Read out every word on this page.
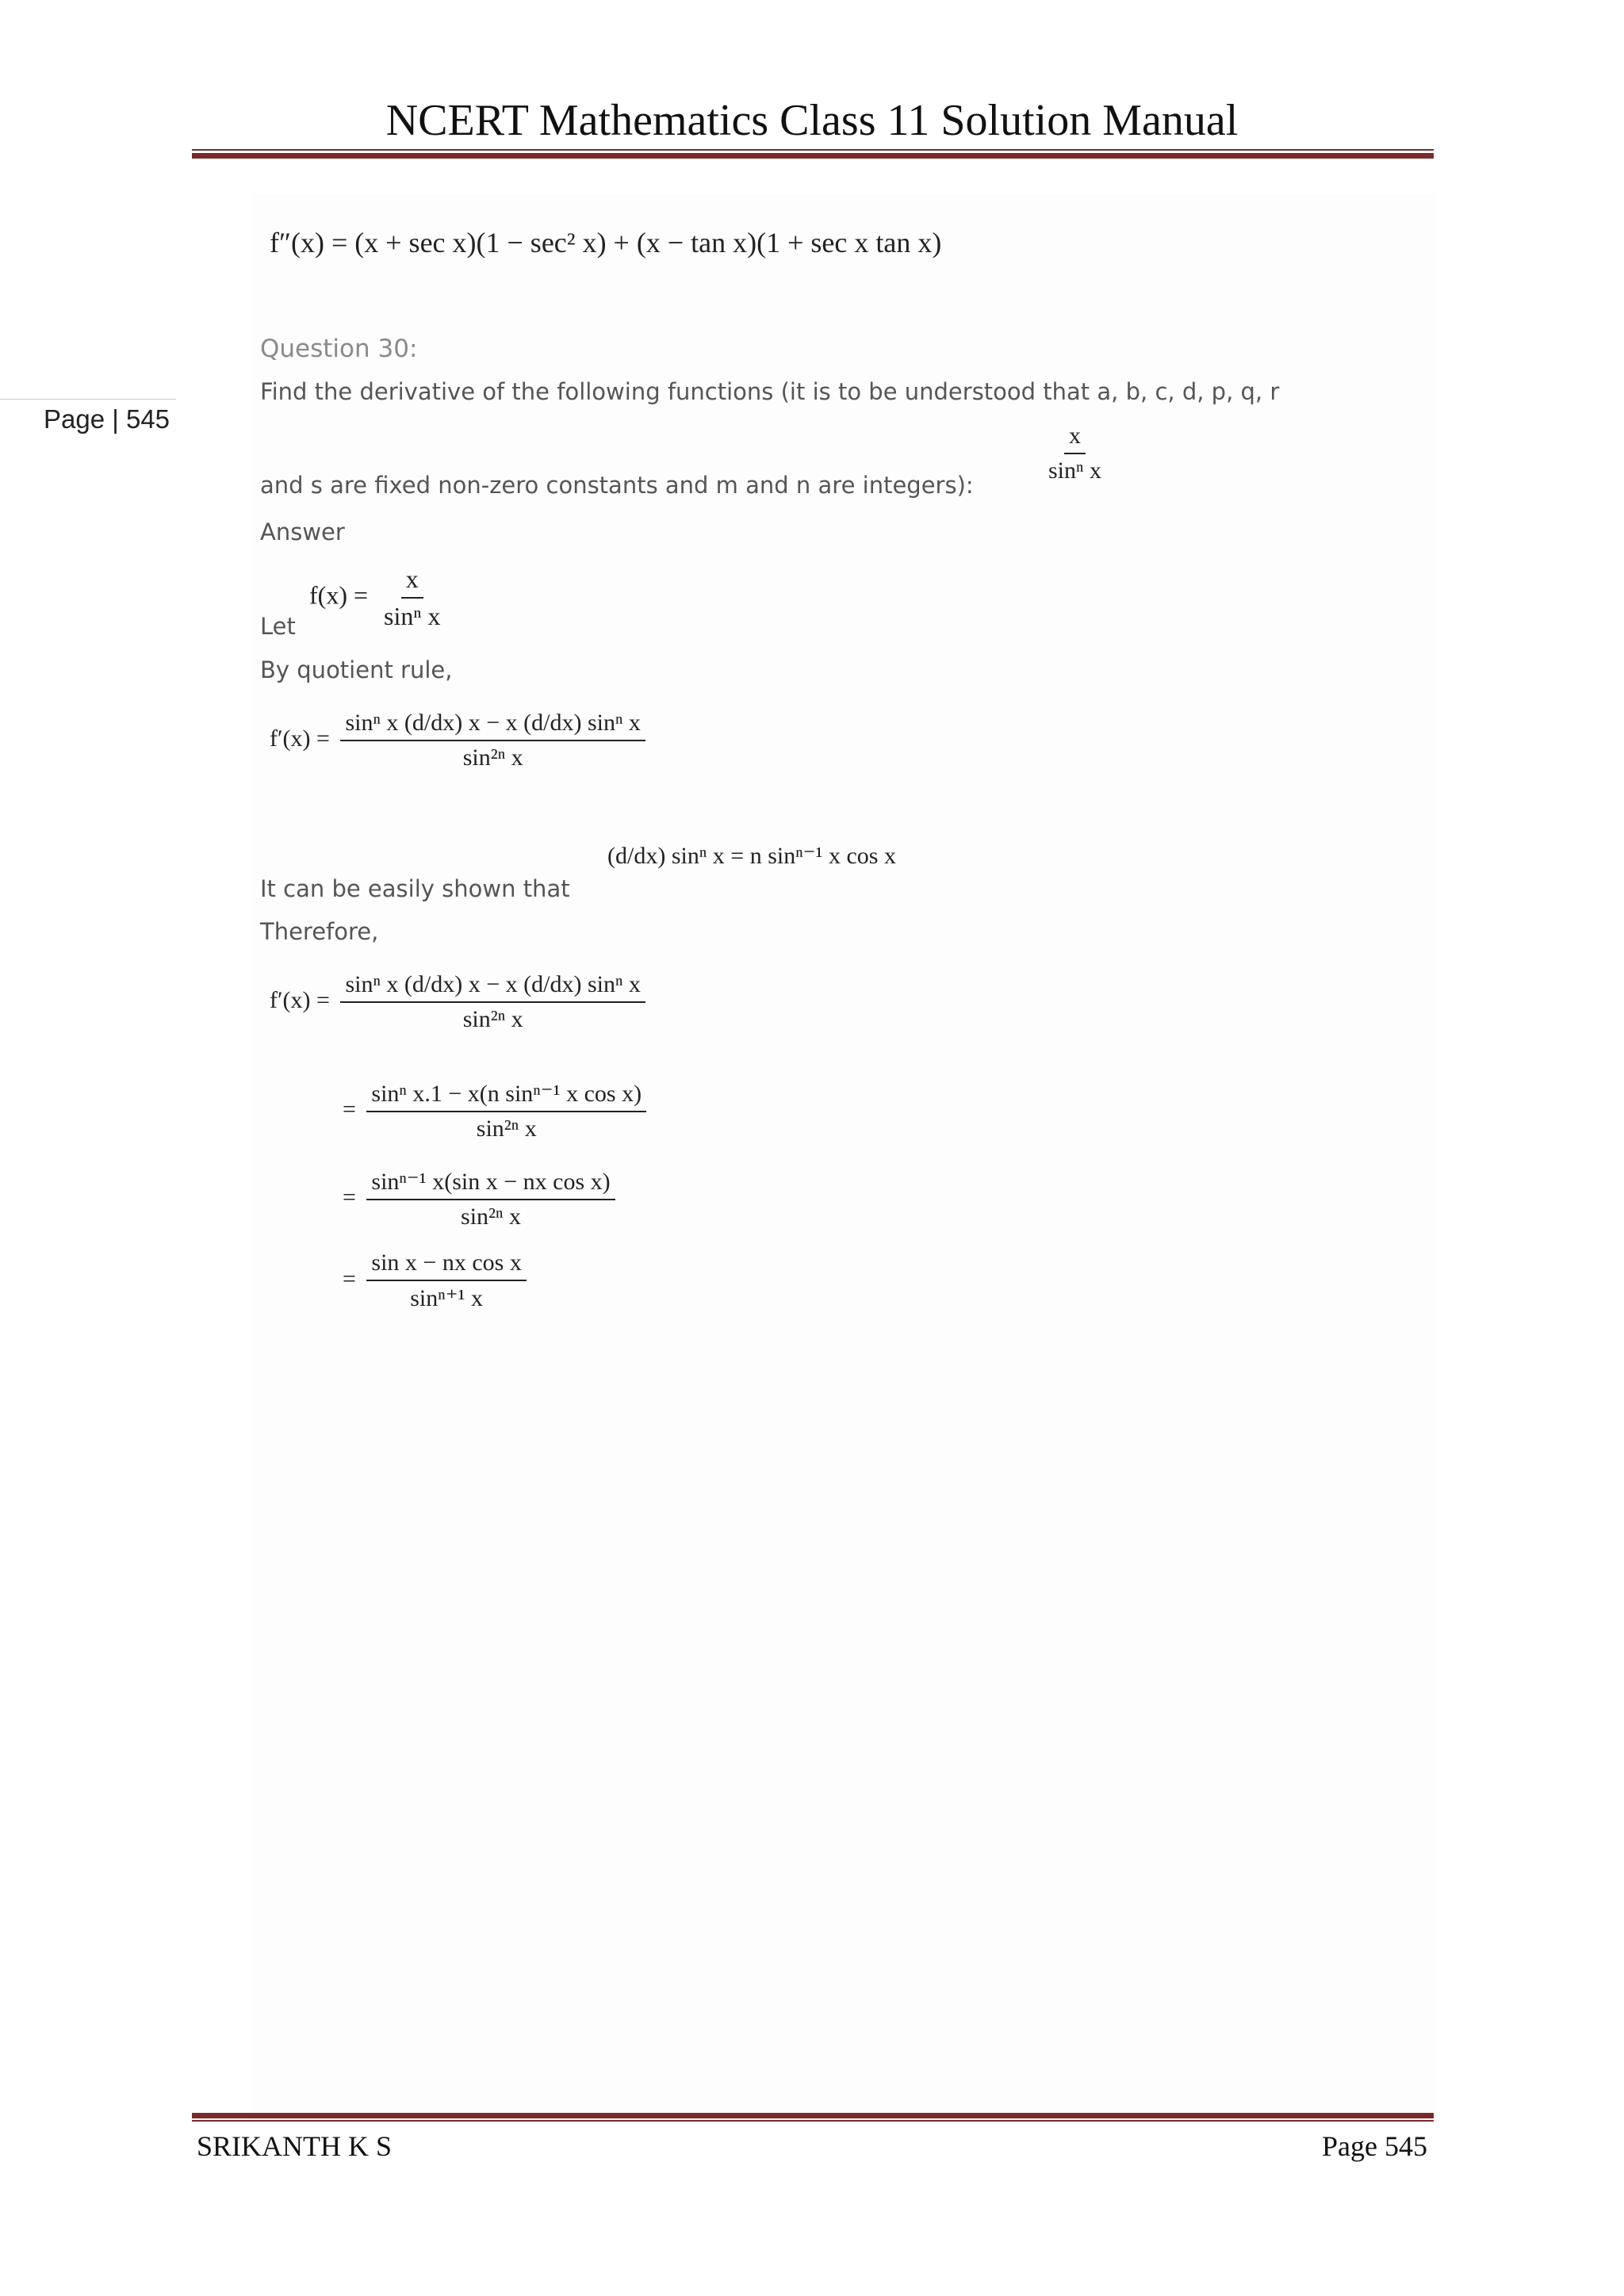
NCERT Mathematics Class 11 Solution Manual
Page | 545
f″(x) = (x + sec x)(1 − sec² x) + (x − tan x)(1 + sec x tan x)
Question 30:
Find the derivative of the following functions (it is to be understood that a, b, c, d, p, q, r
and s are fixed non-zero constants and m and n are integers):
$\frac{x}{\text{sinⁿ x}}$
Answer
Let
$f(x) = \frac{x}{\text{sinⁿ x}}$
By quotient rule,
$f'(x) = \frac{\text{sinⁿ x (d/dx) x − x (d/dx) sinⁿ x}}{\text{sin²ⁿ x}}$
It can be easily shown that
(d/dx) sinⁿ x = n sinⁿ⁻¹ x cos x
Therefore,
$f'(x) = \frac{\text{sinⁿ x (d/dx) x − x (d/dx) sinⁿ x}}{\text{sin²ⁿ x}}$
= $\frac{\text{sinⁿ x.1 − x(n sinⁿ⁻¹ x cos x)}}{\text{sin²ⁿ x}}$
= $\frac{\text{sinⁿ⁻¹ x(sin x − nx cos x)}}{\text{sin²ⁿ x}}$
= $\frac{\text{sin x − nx cos x}}{\text{sinⁿ⁺¹ x}}$
SRIKANTH K S	Page 545
